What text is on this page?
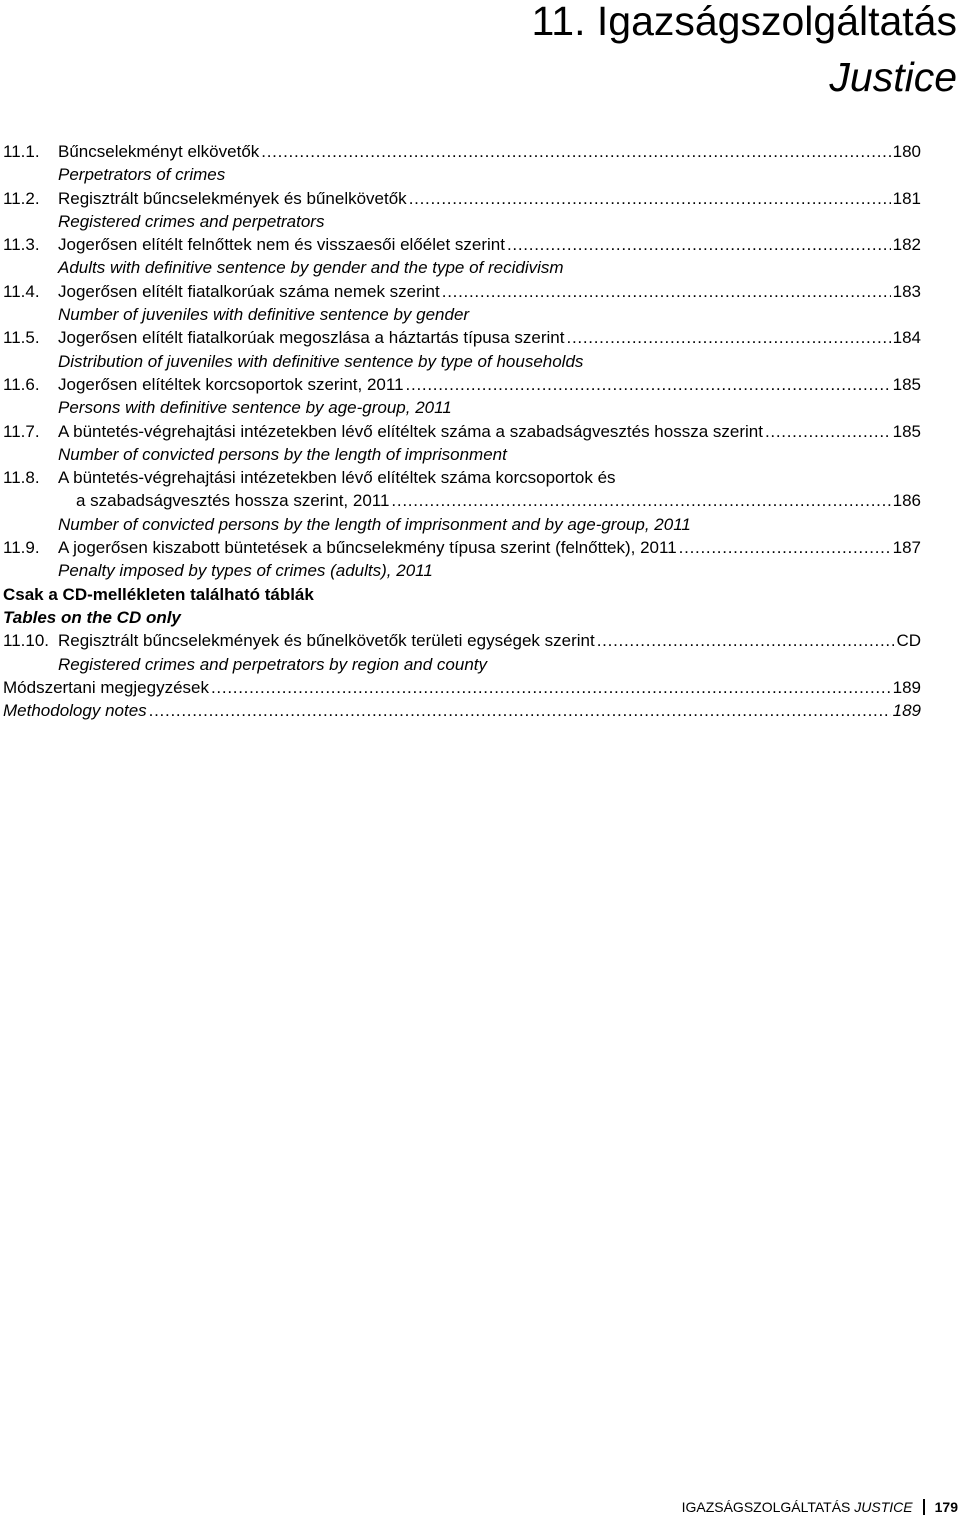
11. Igazságszolgáltatás
Justice
11.1. Bűncselekményt elkövetők . . .	180
Perpetrators of crimes
11.2. Regisztrált bűncselekmények és bűnelkövetők . . .	181
Registered crimes and perpetrators
11.3. Jogerősen elítélt felnőttek nem és visszaesői előélet szerint . . .	182
Adults with definitive sentence by gender and the type of recidivism
11.4. Jogerősen elítélt fiatalkorúak száma nemek szerint . . .	183
Number of juveniles with definitive sentence by gender
11.5. Jogerősen elítélt fiatalkorúak megoszlása a háztartás típusa szerint . . .	184
Distribution of juveniles with definitive sentence by type of households
11.6. Jogerősen elítéltek korcsoportok szerint, 2011 . . .	185
Persons with definitive sentence by age-group, 2011
11.7. A büntetés-végrehajtási intézetekben lévő elítéltek száma a szabadságvesztés hossza szerint . . .	185
Number of convicted persons by the length of imprisonment
11.8. A büntetés-végrehajtási intézetekben lévő elítéltek száma korcsoportok és
a szabadságvesztés hossza szerint, 2011 . . .	186
Number of convicted persons by the length of imprisonment and by age-group, 2011
11.9. A jogerősen kiszabott büntetések a bűncselekmény típusa szerint (felnőttek), 2011 . . .	187
Penalty imposed by types of crimes (adults), 2011
Csak a CD-mellékleten található táblák
Tables on the CD only
11.10. Regisztrált bűncselekmények és bűnelkövetők területi egységek szerint . . .	CD
Registered crimes and perpetrators by region and county
Módszertani megjegyzések . . .	189
Methodology notes . . .	189
IGAZSÁGSZOLGÁLTATÁS JUSTICE 179
